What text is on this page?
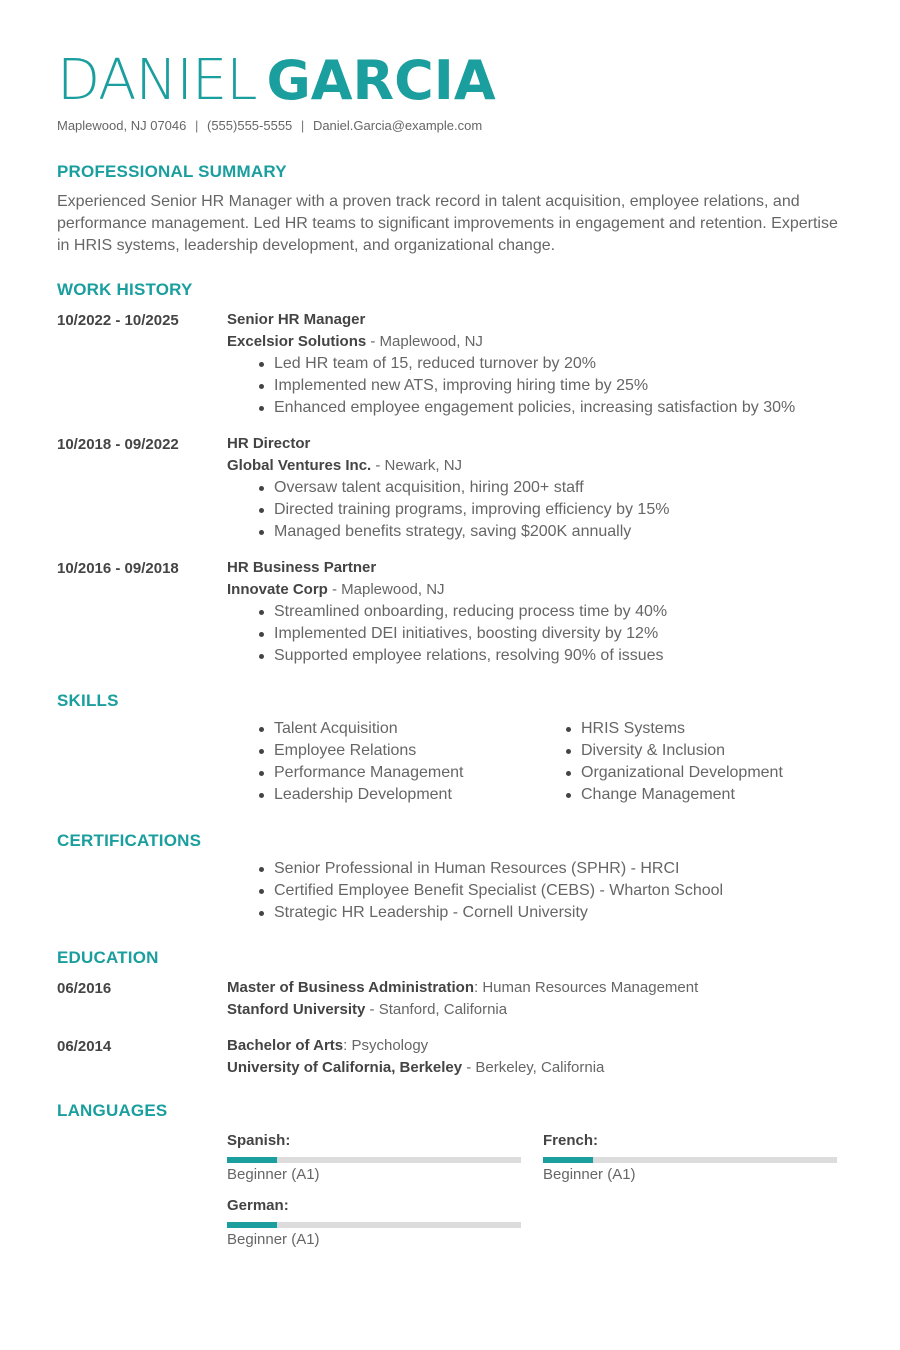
DANIEL GARCIA
Maplewood, NJ 07046 | (555)555-5555 | Daniel.Garcia@example.com
PROFESSIONAL SUMMARY
Experienced Senior HR Manager with a proven track record in talent acquisition, employee relations, and performance management. Led HR teams to significant improvements in engagement and retention. Expertise in HRIS systems, leadership development, and organizational change.
WORK HISTORY
10/2022 - 10/2025	Senior HR Manager
Excelsior Solutions - Maplewood, NJ
Led HR team of 15, reduced turnover by 20%
Implemented new ATS, improving hiring time by 25%
Enhanced employee engagement policies, increasing satisfaction by 30%
10/2018 - 09/2022	HR Director
Global Ventures Inc. - Newark, NJ
Oversaw talent acquisition, hiring 200+ staff
Directed training programs, improving efficiency by 15%
Managed benefits strategy, saving $200K annually
10/2016 - 09/2018	HR Business Partner
Innovate Corp - Maplewood, NJ
Streamlined onboarding, reducing process time by 40%
Implemented DEI initiatives, boosting diversity by 12%
Supported employee relations, resolving 90% of issues
SKILLS
Talent Acquisition
Employee Relations
Performance Management
Leadership Development
HRIS Systems
Diversity & Inclusion
Organizational Development
Change Management
CERTIFICATIONS
Senior Professional in Human Resources (SPHR) - HRCI
Certified Employee Benefit Specialist (CEBS) - Wharton School
Strategic HR Leadership - Cornell University
EDUCATION
06/2016	Master of Business Administration: Human Resources Management
Stanford University - Stanford, California
06/2014	Bachelor of Arts: Psychology
University of California, Berkeley - Berkeley, California
LANGUAGES
Spanish:
Beginner (A1)
French:
Beginner (A1)
German:
Beginner (A1)
